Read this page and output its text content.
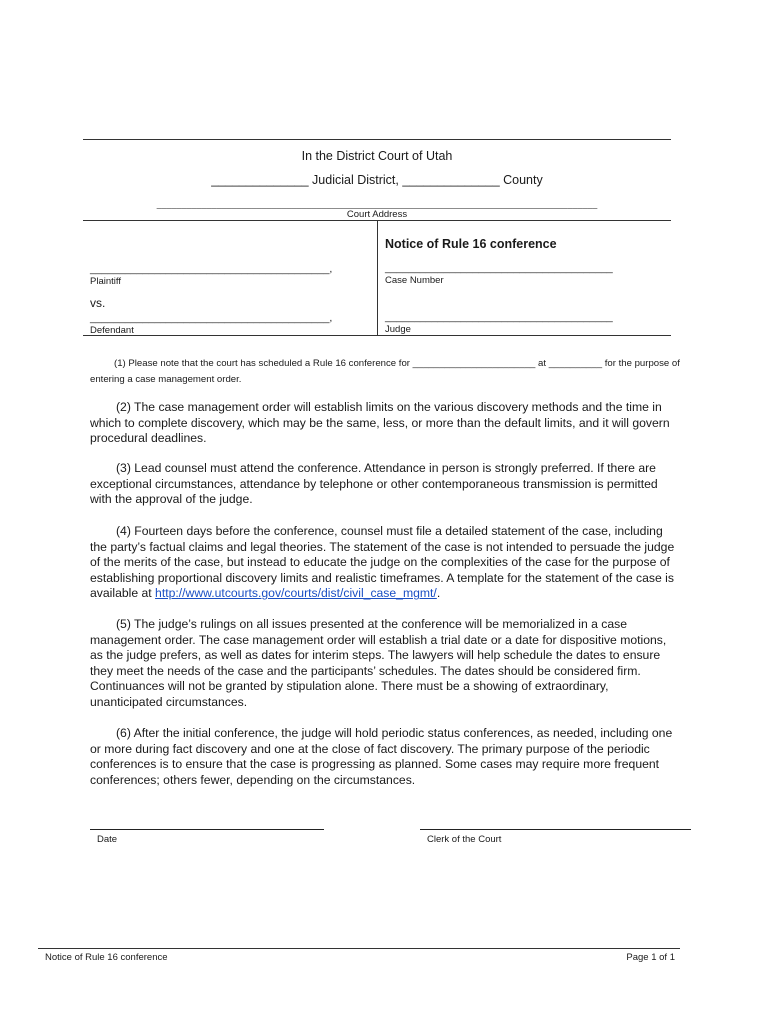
In the District Court of Utah
______________ Judicial District, ______________ County
________________________________________________________________________________________
Court Address
_________________________________________,
Plaintiff
vs.
_________________________________________,
Defendant
Notice of Rule 16 conference
_______________________________________
Case Number
_______________________________________
Judge

(1) Please note that the court has scheduled a Rule 16 conference for _______________________ at __________ for the purpose of entering a case management order.

(2) The case management order will establish limits on the various discovery methods and the time in which to complete discovery, which may be the same, less, or more than the default limits, and it will govern procedural deadlines.

(3) Lead counsel must attend the conference. Attendance in person is strongly preferred. If there are exceptional circumstances, attendance by telephone or other contemporaneous transmission is permitted with the approval of the judge.

(4) Fourteen days before the conference, counsel must file a detailed statement of the case, including the party’s factual claims and legal theories. The statement of the case is not intended to persuade the judge of the merits of the case, but instead to educate the judge on the complexities of the case for the purpose of establishing proportional discovery limits and realistic timeframes. A template for the statement of the case is available at http://www.utcourts.gov/courts/dist/civil_case_mgmt/.

(5) The judge’s rulings on all issues presented at the conference will be memorialized in a case management order. The case management order will establish a trial date or a date for dispositive motions, as the judge prefers, as well as dates for interim steps. The lawyers will help schedule the dates to ensure they meet the needs of the case and the participants’ schedules. The dates should be considered firm. Continuances will not be granted by stipulation alone. There must be a showing of extraordinary, unanticipated circumstances.

(6) After the initial conference, the judge will hold periodic status conferences, as needed, including one or more during fact discovery and one at the close of fact discovery. The primary purpose of the periodic conferences is to ensure that the case is progressing as planned. Some cases may require more frequent conferences; others fewer, depending on the circumstances.

Date	Clerk of the Court
Notice of Rule 16 conference	Page 1 of 1
